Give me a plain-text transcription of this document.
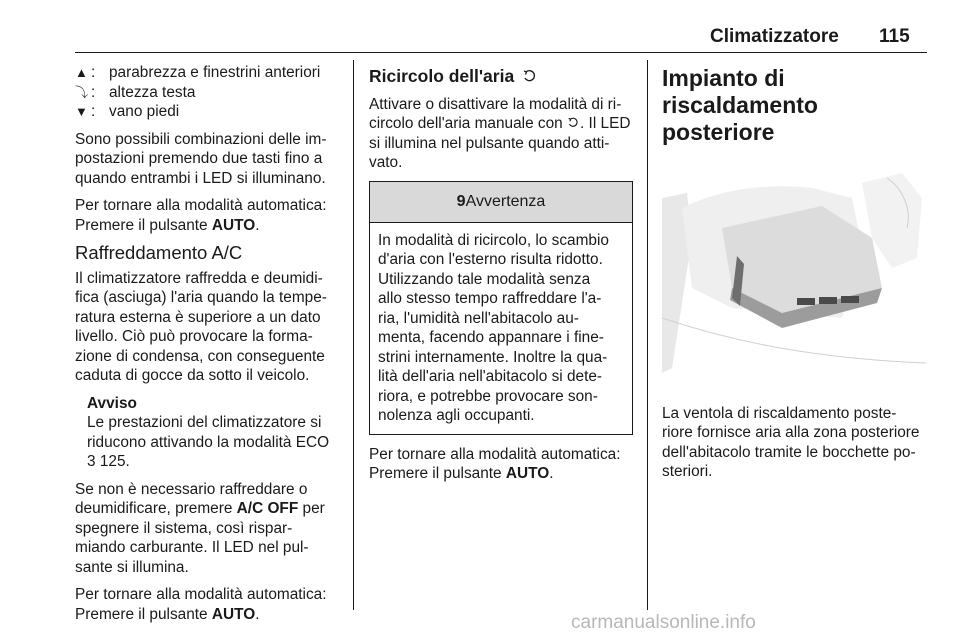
Climatizzatore 115
▲ : parabrezza e finestrini anteriori
⤵ : altezza testa
▼ : vano piedi

Sono possibili combinazioni delle im-
postazioni premendo due tasti fino a
quando entrambi i LED si illuminano.

Per tornare alla modalità automatica:
Premere il pulsante AUTO.

Raffreddamento A/C

Il climatizzatore raffredda e deumidi-
fica (asciuga) l'aria quando la tempe-
ratura esterna è superiore a un dato
livello. Ciò può provocare la forma-
zione di condensa, con conseguente
caduta di gocce da sotto il veicolo.

Avviso
Le prestazioni del climatizzatore si
riducono attivando la modalità ECO
3 125.

Se non è necessario raffreddare o
deumidificare, premere A/C OFF per
spegnere il sistema, così rispar-
miando carburante. Il LED nel pul-
sante si illumina.

Per tornare alla modalità automatica:
Premere il pulsante AUTO.

Ricircolo dell'aria

Attivare o disattivare la modalità di ri-
circolo dell'aria manuale con . Il LED
si illumina nel pulsante quando atti-
vato.

9Avvertenza
In modalità di ricircolo, lo scambio
d'aria con l'esterno risulta ridotto.
Utilizzando tale modalità senza
allo stesso tempo raffreddare l'a-
ria, l'umidità nell'abitacolo au-
menta, facendo appannare i fine-
strini internamente. Inoltre la qua-
lità dell'aria nell'abitacolo si dete-
riora, e potrebbe provocare son-
nolenza agli occupanti.

Per tornare alla modalità automatica:
Premere il pulsante AUTO.

Impianto di riscaldamento
posteriore

La ventola di riscaldamento poste-
riore fornisce aria alla zona posteriore
dell'abitacolo tramite le bocchette po-
steriori.

carmanualsonline.info
